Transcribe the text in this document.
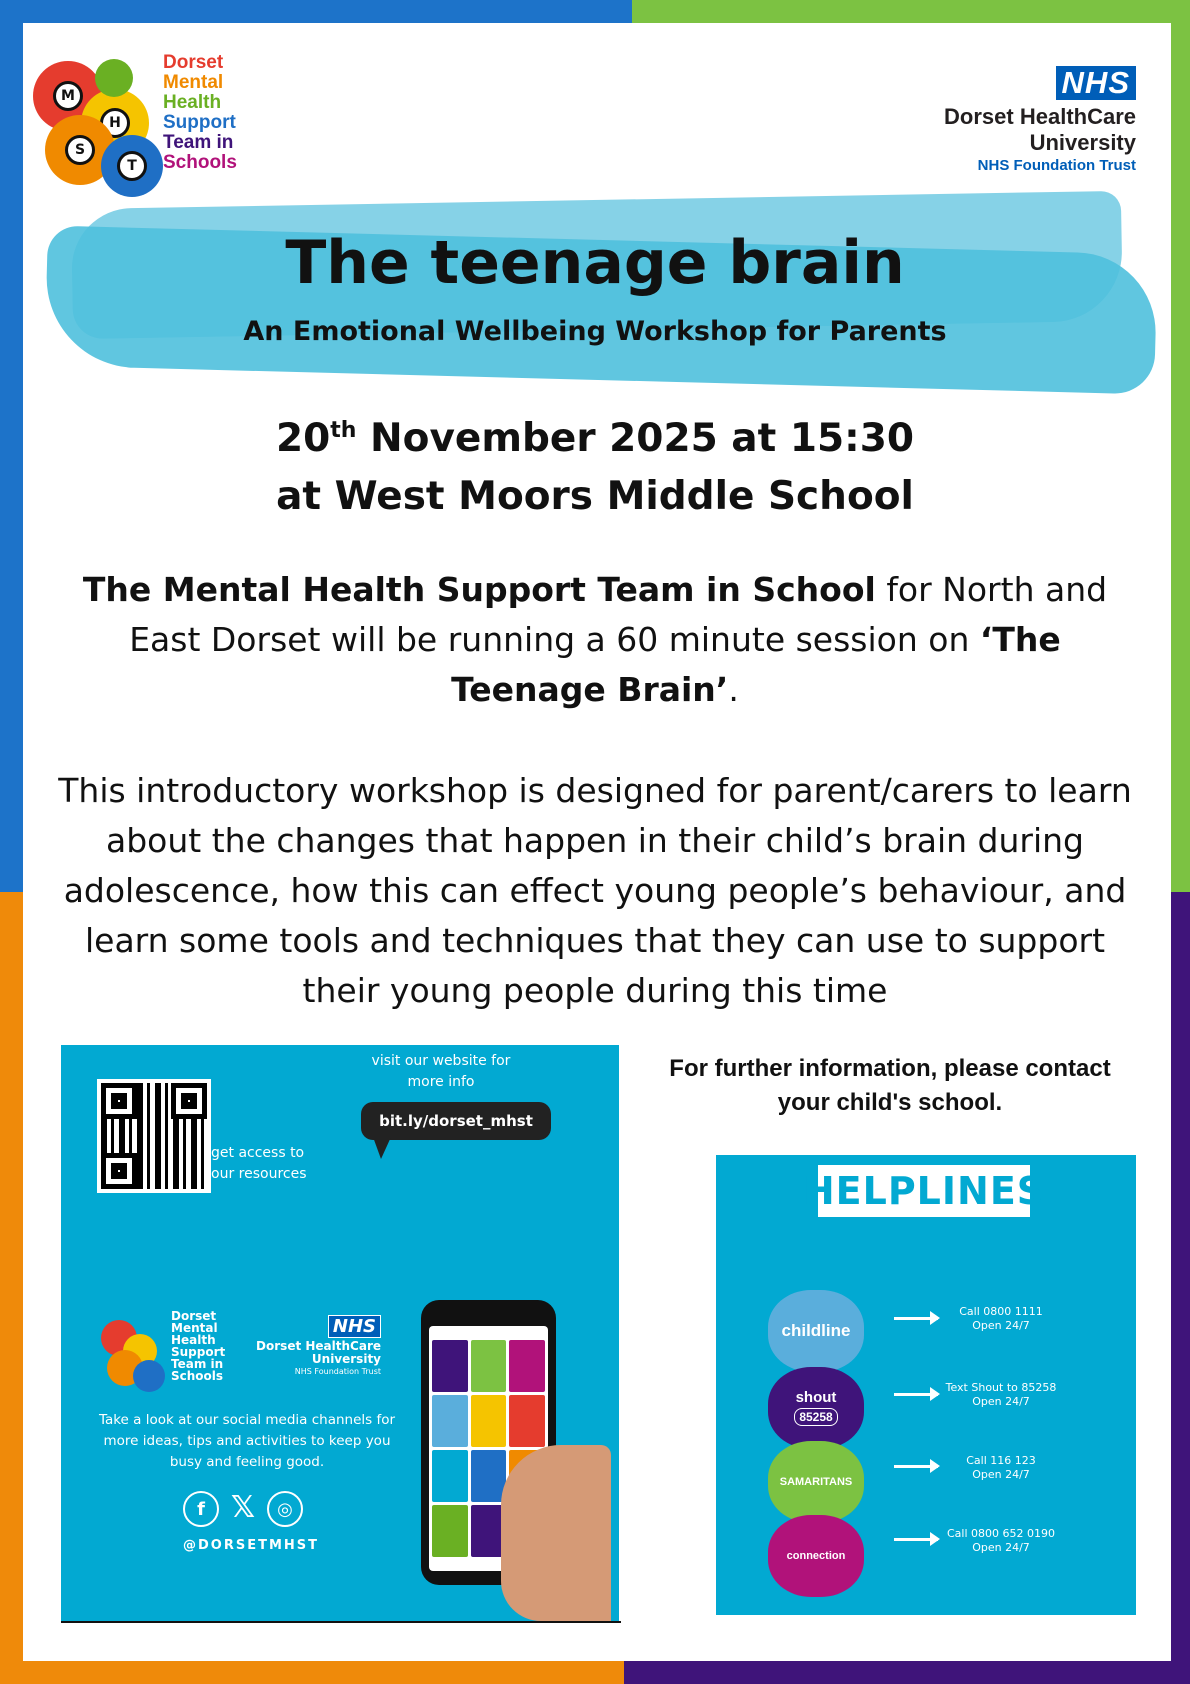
M
H
S
T
Dorset
Mental
Health
Support
Team in
Schools
NHS
Dorset HealthCare
University
NHS Foundation Trust
The teenage brain
An Emotional Wellbeing Workshop for Parents
20th November 2025 at 15:30
at West Moors Middle School
The Mental Health Support Team in School for North and East Dorset will be running a 60 minute session on ‘The Teenage Brain’.
This introductory workshop is designed for parent/carers to learn about the changes that happen in their child’s brain during adolescence, how this can effect young people’s behaviour, and learn some tools and techniques that they can use to support their young people during this time
get access to
our resources
visit our website for
more info
bit.ly/dorset_mhst
Dorset
Mental
Health
Support
Team in
Schools
NHS
Dorset HealthCare
University
NHS Foundation Trust
Take a look at our social media channels for more ideas, tips and activities to keep you busy and feeling good.
f 𝕏	◎
@DORSETMHST
For further information, please contact your child's school.
HELPLINES
childline
Call 0800 1111
Open 24/7
shout
85258
Text Shout to 85258
Open 24/7
SAMARITANS
Call 116 123
Open 24/7
connection
Call 0800 652 0190
Open 24/7
